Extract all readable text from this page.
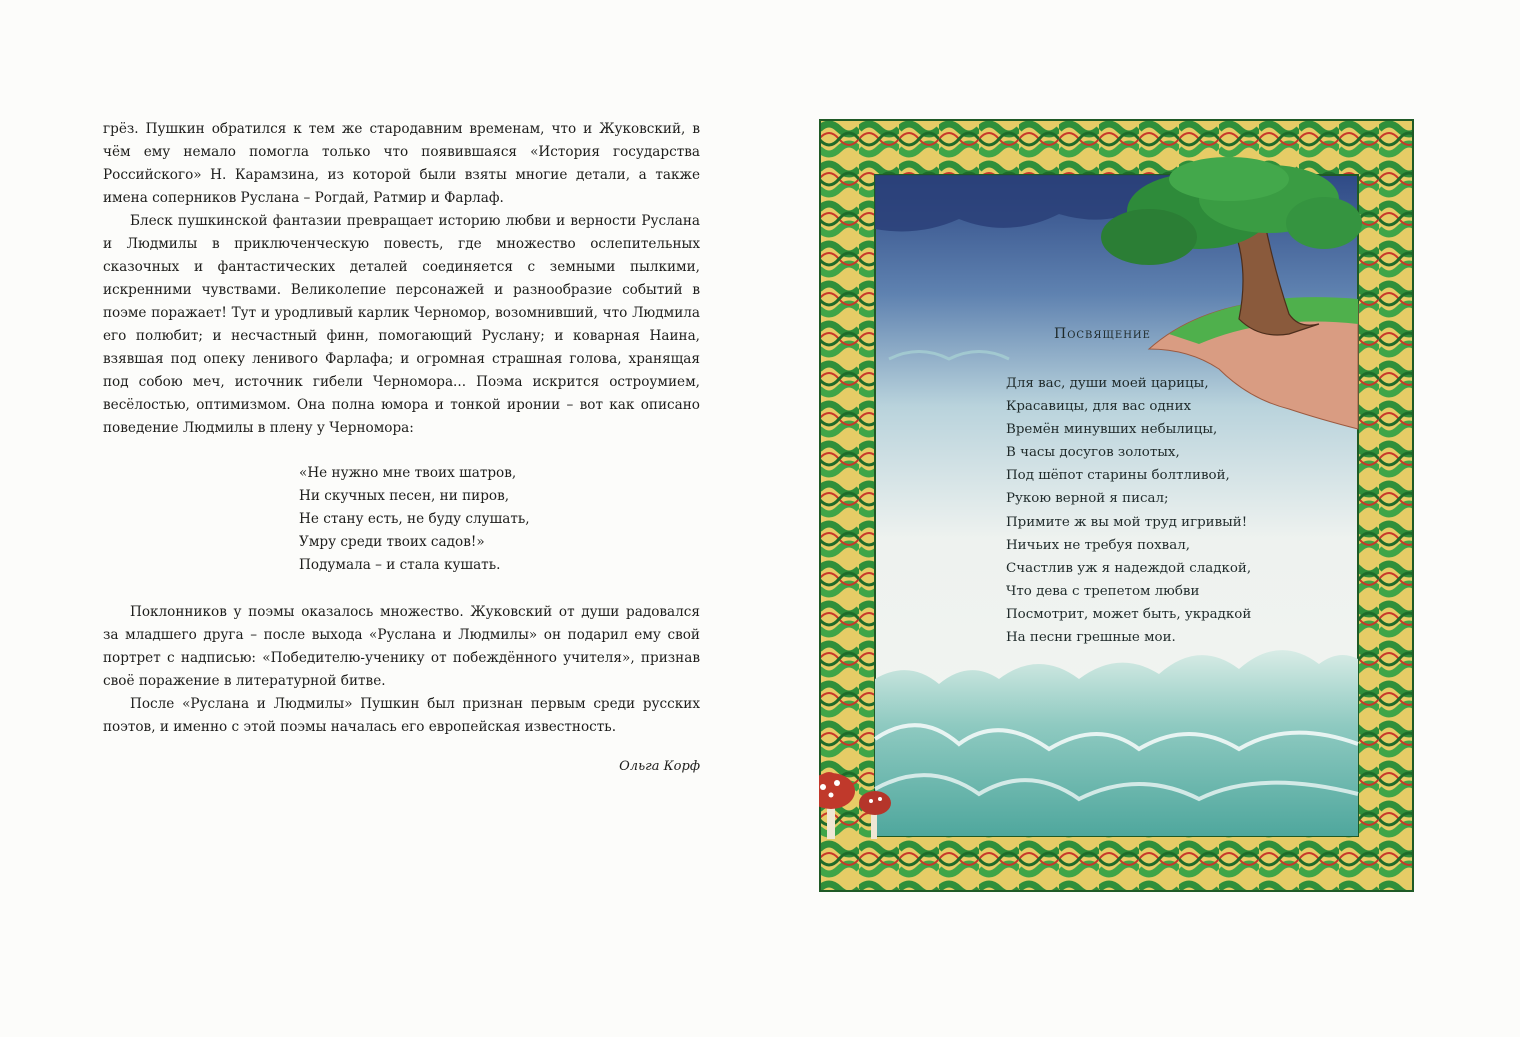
грёз. Пушкин обратился к тем же стародавним временам, что и Жуковский, в чём ему немало помогла только что появившаяся «История государства Российского» Н. Карамзина, из которой были взяты многие детали, а также имена соперников Руслана – Рогдай, Ратмир и Фарлаф.

Блеск пушкинской фантазии превращает историю любви и верности Руслана и Людмилы в приключенческую повесть, где множество ослепительных сказочных и фантастических деталей соединяется с земными пылкими, искренними чувствами. Великолепие персонажей и разнообразие событий в поэме поражает! Тут и уродливый карлик Черномор, возомнивший, что Людмила его полюбит; и несчастный финн, помогающий Руслану; и коварная Наина, взявшая под опеку ленивого Фарлафа; и огромная страшная голова, хранящая под собою меч, источник гибели Черномора... Поэма искрится остроумием, весёлостью, оптимизмом. Она полна юмора и тонкой иронии – вот как описано поведение Людмилы в плену у Черномора:

«Не нужно мне твоих шатров,
Ни скучных песен, ни пиров,
Не стану есть, не буду слушать,
Умру среди твоих садов!»
Подумала – и стала кушать.

Поклонников у поэмы оказалось множество. Жуковский от души радовался за младшего друга – после выхода «Руслана и Людмилы» он подарил ему свой портрет с надписью: «Победителю-ученику от побеждённого учителя», признав своё поражение в литературной битве.

После «Руслана и Людмилы» Пушкин был признан первым среди русских поэтов, и именно с этой поэмы началась его европейская известность.

Ольга Корф
Посвящение
Для вас, души моей царицы,
Красавицы, для вас одних
Времён минувших небылицы,
В часы досугов золотых,
Под шёпот старины болтливой,
Рукою верной я писал;
Примите ж вы мой труд игривый!
Ничьих не требуя похвал,
Счастлив уж я надеждой сладкой,
Что дева с трепетом любви
Посмотрит, может быть, украдкой
На песни грешные мои.
